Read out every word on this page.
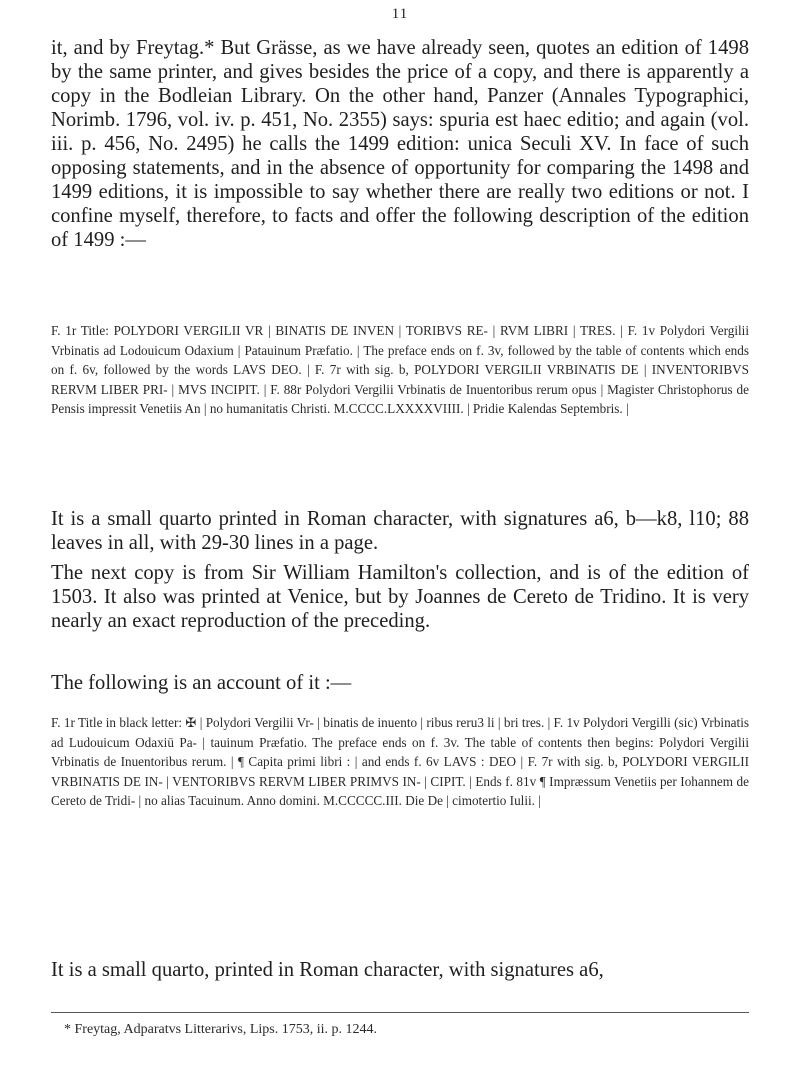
11

it, and by Freytag.* But Grässe, as we have already seen, quotes an edition of 1498 by the same printer, and gives besides the price of a copy, and there is apparently a copy in the Bodleian Library. On the other hand, Panzer (Annales Typographici, Norimb. 1796, vol. iv. p. 451, No. 2355) says: spuria est haec editio; and again (vol. iii. p. 456, No. 2495) he calls the 1499 edition: unica Seculi XV. In face of such opposing statements, and in the absence of opportunity for comparing the 1498 and 1499 editions, it is impossible to say whether there are really two editions or not. I confine myself, therefore, to facts and offer the following description of the edition of 1499 :—

F. 1r Title: POLYDORI VERGILII VR | BINATIS DE INVEN | TORIBVS RE- | RVM LIBRI | TRES. | F. 1v Polydori Vergilii Vrbinatis ad Lodouicum Odaxium | Patauinum Præfatio. | The preface ends on f. 3v, followed by the table of contents which ends on f. 6v, followed by the words LAVS DEO. | F. 7r with sig. b, POLYDORI VERGILII VRBINATIS DE | INVENTORIBVS RERVM LIBER PRI- | MVS INCIPIT. | F. 88r Polydori Vergilii Vrbinatis de Inuentoribus rerum opus | Magister Christophorus de Pensis impressit Venetiis An | no humanitatis Christi. M.CCCC.LXXXXVIIII. | Pridie Kalendas Septembris. |

It is a small quarto printed in Roman character, with signatures a6, b—k8, l10; 88 leaves in all, with 29-30 lines in a page.

The next copy is from Sir William Hamilton's collection, and is of the edition of 1503. It also was printed at Venice, but by Joannes de Cereto de Tridino. It is very nearly an exact reproduction of the preceding.

The following is an account of it :—

F. 1r Title in black letter: ✠ | Polydori Vergilii Vr- | binatis de inuento | ribus reru3 li | bri tres. | F. 1v Polydori Vergilli (sic) Vrbinatis ad Ludouicum Odaxiū Pa- | tauinum Præfatio. The preface ends on f. 3v. The table of contents then begins: Polydori Vergilii Vrbinatis de Inuentoribus rerum. | ¶ Capita primi libri : | and ends f. 6v LAVS : DEO | F. 7r with sig. b, POLYDORI VERGILII VRBINATIS DE IN- | VENTORIBVS RERVM LIBER PRIMVS IN- | CIPIT. | Ends f. 81v ¶ Impræssum Venetiis per Iohannem de Cereto de Tridi- | no alias Tacuinum. Anno domini. M.CCCCC.III. Die De | cimotertio Iulii. |

It is a small quarto, printed in Roman character, with signatures a6,

* Freytag, Adparatvs Litterarivs, Lips. 1753, ii. p. 1244.
